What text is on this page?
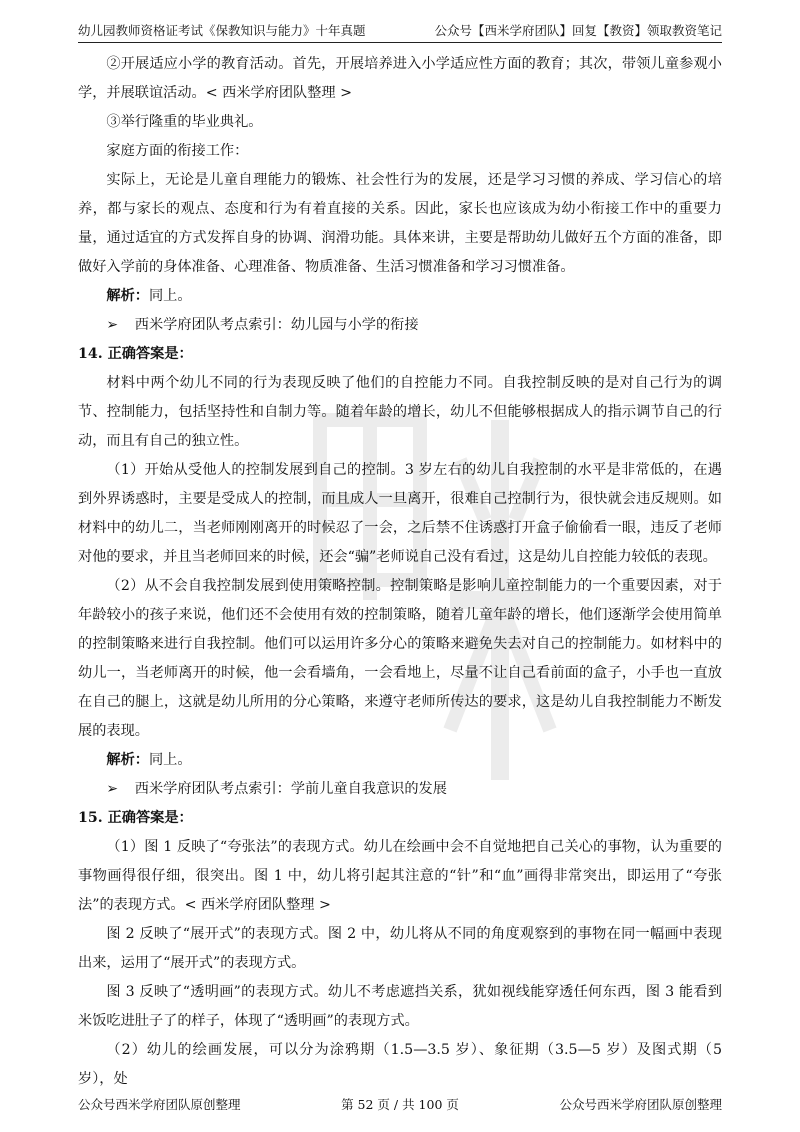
幼儿园教师资格证考试《保教知识与能力》十年真题	公众号【西米学府团队】回复【教资】领取教资笔记

②开展适应小学的教育活动。首先，开展培养进入小学适应性方面的教育；其次，带领儿童参观小学，并展联谊活动。< 西米学府团队整理 >

③举行隆重的毕业典礼。

家庭方面的衔接工作：

实际上，无论是儿童自理能力的锻炼、社会性行为的发展，还是学习习惯的养成、学习信心的培养，都与家长的观点、态度和行为有着直接的关系。因此，家长也应该成为幼小衔接工作中的重要力量，通过适宜的方式发挥自身的协调、润滑功能。具体来讲，主要是帮助幼儿做好五个方面的准备，即做好入学前的身体准备、心理准备、物质准备、生活习惯准备和学习习惯准备。

解析：同上。

➢ 西米学府团队考点索引：幼儿园与小学的衔接

14. 正确答案是：

材料中两个幼儿不同的行为表现反映了他们的自控能力不同。自我控制反映的是对自己行为的调节、控制能力，包括坚持性和自制力等。随着年龄的增长，幼儿不但能够根据成人的指示调节自己的行动，而且有自己的独立性。

（1）开始从受他人的控制发展到自己的控制。3 岁左右的幼儿自我控制的水平是非常低的，在遇到外界诱惑时，主要是受成人的控制，而且成人一旦离开，很难自己控制行为，很快就会违反规则。如材料中的幼儿二，当老师刚刚离开的时候忍了一会，之后禁不住诱惑打开盒子偷偷看一眼，违反了老师对他的要求，并且当老师回来的时候，还会“骗”老师说自己没有看过，这是幼儿自控能力较低的表现。

（2）从不会自我控制发展到使用策略控制。控制策略是影响儿童控制能力的一个重要因素，对于年龄较小的孩子来说，他们还不会使用有效的控制策略，随着儿童年龄的增长，他们逐渐学会使用简单的控制策略来进行自我控制。他们可以运用许多分心的策略来避免失去对自己的控制能力。如材料中的幼儿一，当老师离开的时候，他一会看墙角，一会看地上，尽量不让自己看前面的盒子，小手也一直放在自己的腿上，这就是幼儿所用的分心策略，来遵守老师所传达的要求，这是幼儿自我控制能力不断发展的表现。

解析：同上。

➢ 西米学府团队考点索引：学前儿童自我意识的发展

15. 正确答案是：

（1）图 1 反映了“夸张法”的表现方式。幼儿在绘画中会不自觉地把自己关心的事物，认为重要的事物画得很仔细，很突出。图 1 中，幼儿将引起其注意的“针”和“血”画得非常突出，即运用了“夸张法”的表现方式。< 西米学府团队整理 >

图 2 反映了“展开式”的表现方式。图 2 中，幼儿将从不同的角度观察到的事物在同一幅画中表现出来，运用了“展开式”的表现方式。

图 3 反映了“透明画”的表现方式。幼儿不考虑遮挡关系，犹如视线能穿透任何东西，图 3 能看到米饭吃进肚子了的样子，体现了“透明画”的表现方式。

（2）幼儿的绘画发展，可以分为涂鸦期（1.5—3.5 岁）、象征期（3.5—5 岁）及图式期（5 岁），处

公众号西米学府团队原创整理	第 52 页 / 共 100 页	公众号西米学府团队原创整理
